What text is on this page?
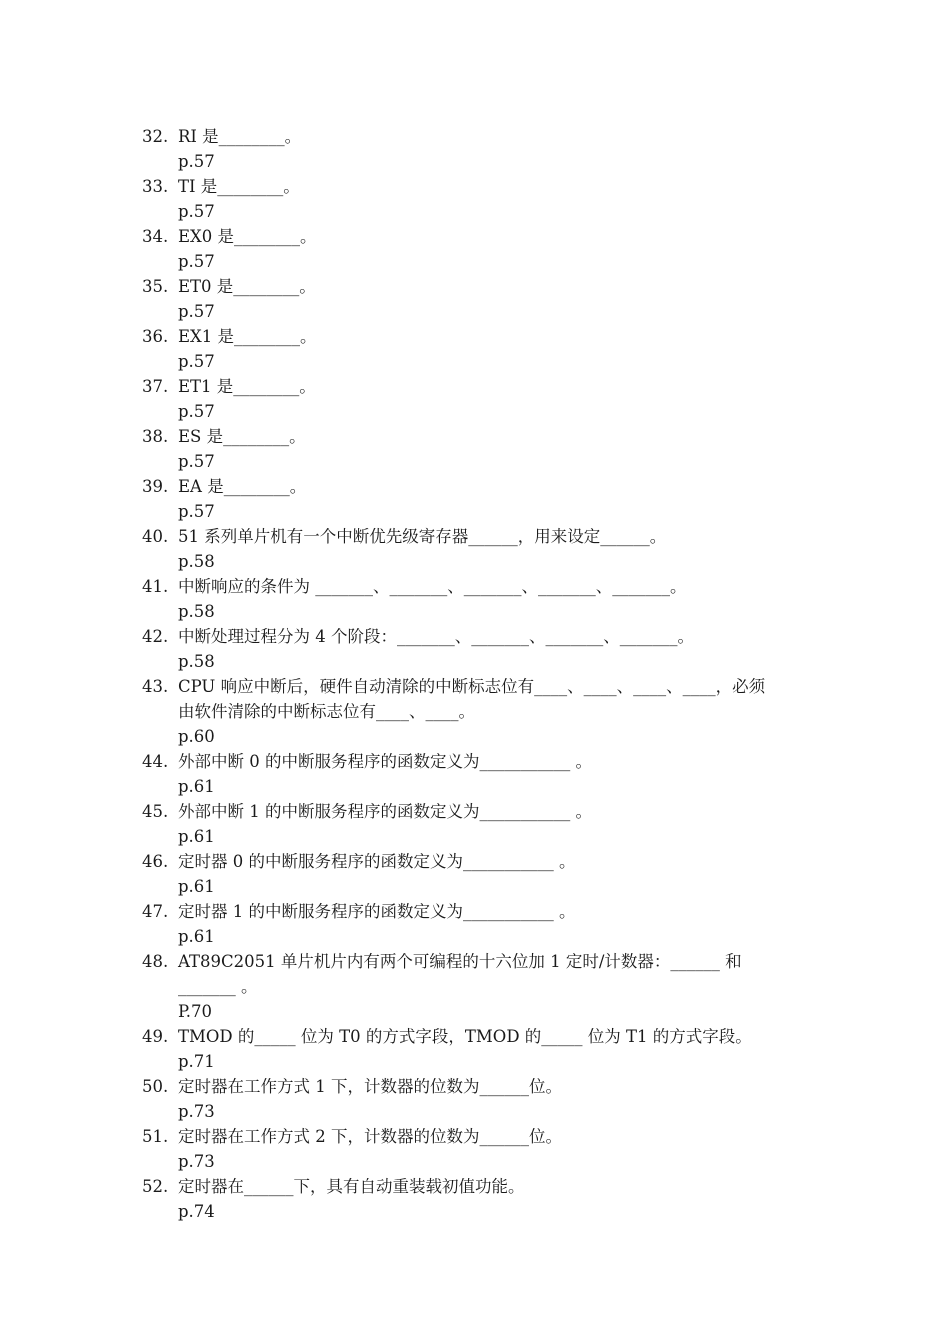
32. RI 是________。
p.57
33. TI 是________。
p.57
34. EX0 是________。
p.57
35. ET0 是________。
p.57
36. EX1 是________。
p.57
37. ET1 是________。
p.57
38. ES 是________。
p.57
39. EA 是________。
p.57
40. 51 系列单片机有一个中断优先级寄存器______，用来设定______。
p.58
41. 中断响应的条件为 _______、_______、_______、_______、_______。
p.58
42. 中断处理过程分为 4 个阶段：_______、_______、_______、_______。
p.58
43. CPU 响应中断后，硬件自动清除的中断标志位有____、____、____、____，必须
由软件清除的中断标志位有____、____。
p.60
44. 外部中断 0 的中断服务程序的函数定义为___________ 。
p.61
45. 外部中断 1 的中断服务程序的函数定义为___________ 。
p.61
46. 定时器 0 的中断服务程序的函数定义为___________ 。
p.61
47. 定时器 1 的中断服务程序的函数定义为___________ 。
p.61
48. AT89C2051 单片机片内有两个可编程的十六位加 1 定时/计数器：______ 和
_______ 。
P.70
49. TMOD 的_____ 位为 T0 的方式字段，TMOD 的_____ 位为 T1 的方式字段。
p.71
50. 定时器在工作方式 1 下，计数器的位数为______位。
p.73
51. 定时器在工作方式 2 下，计数器的位数为______位。
p.73
52. 定时器在______下，具有自动重装载初值功能。
p.74
